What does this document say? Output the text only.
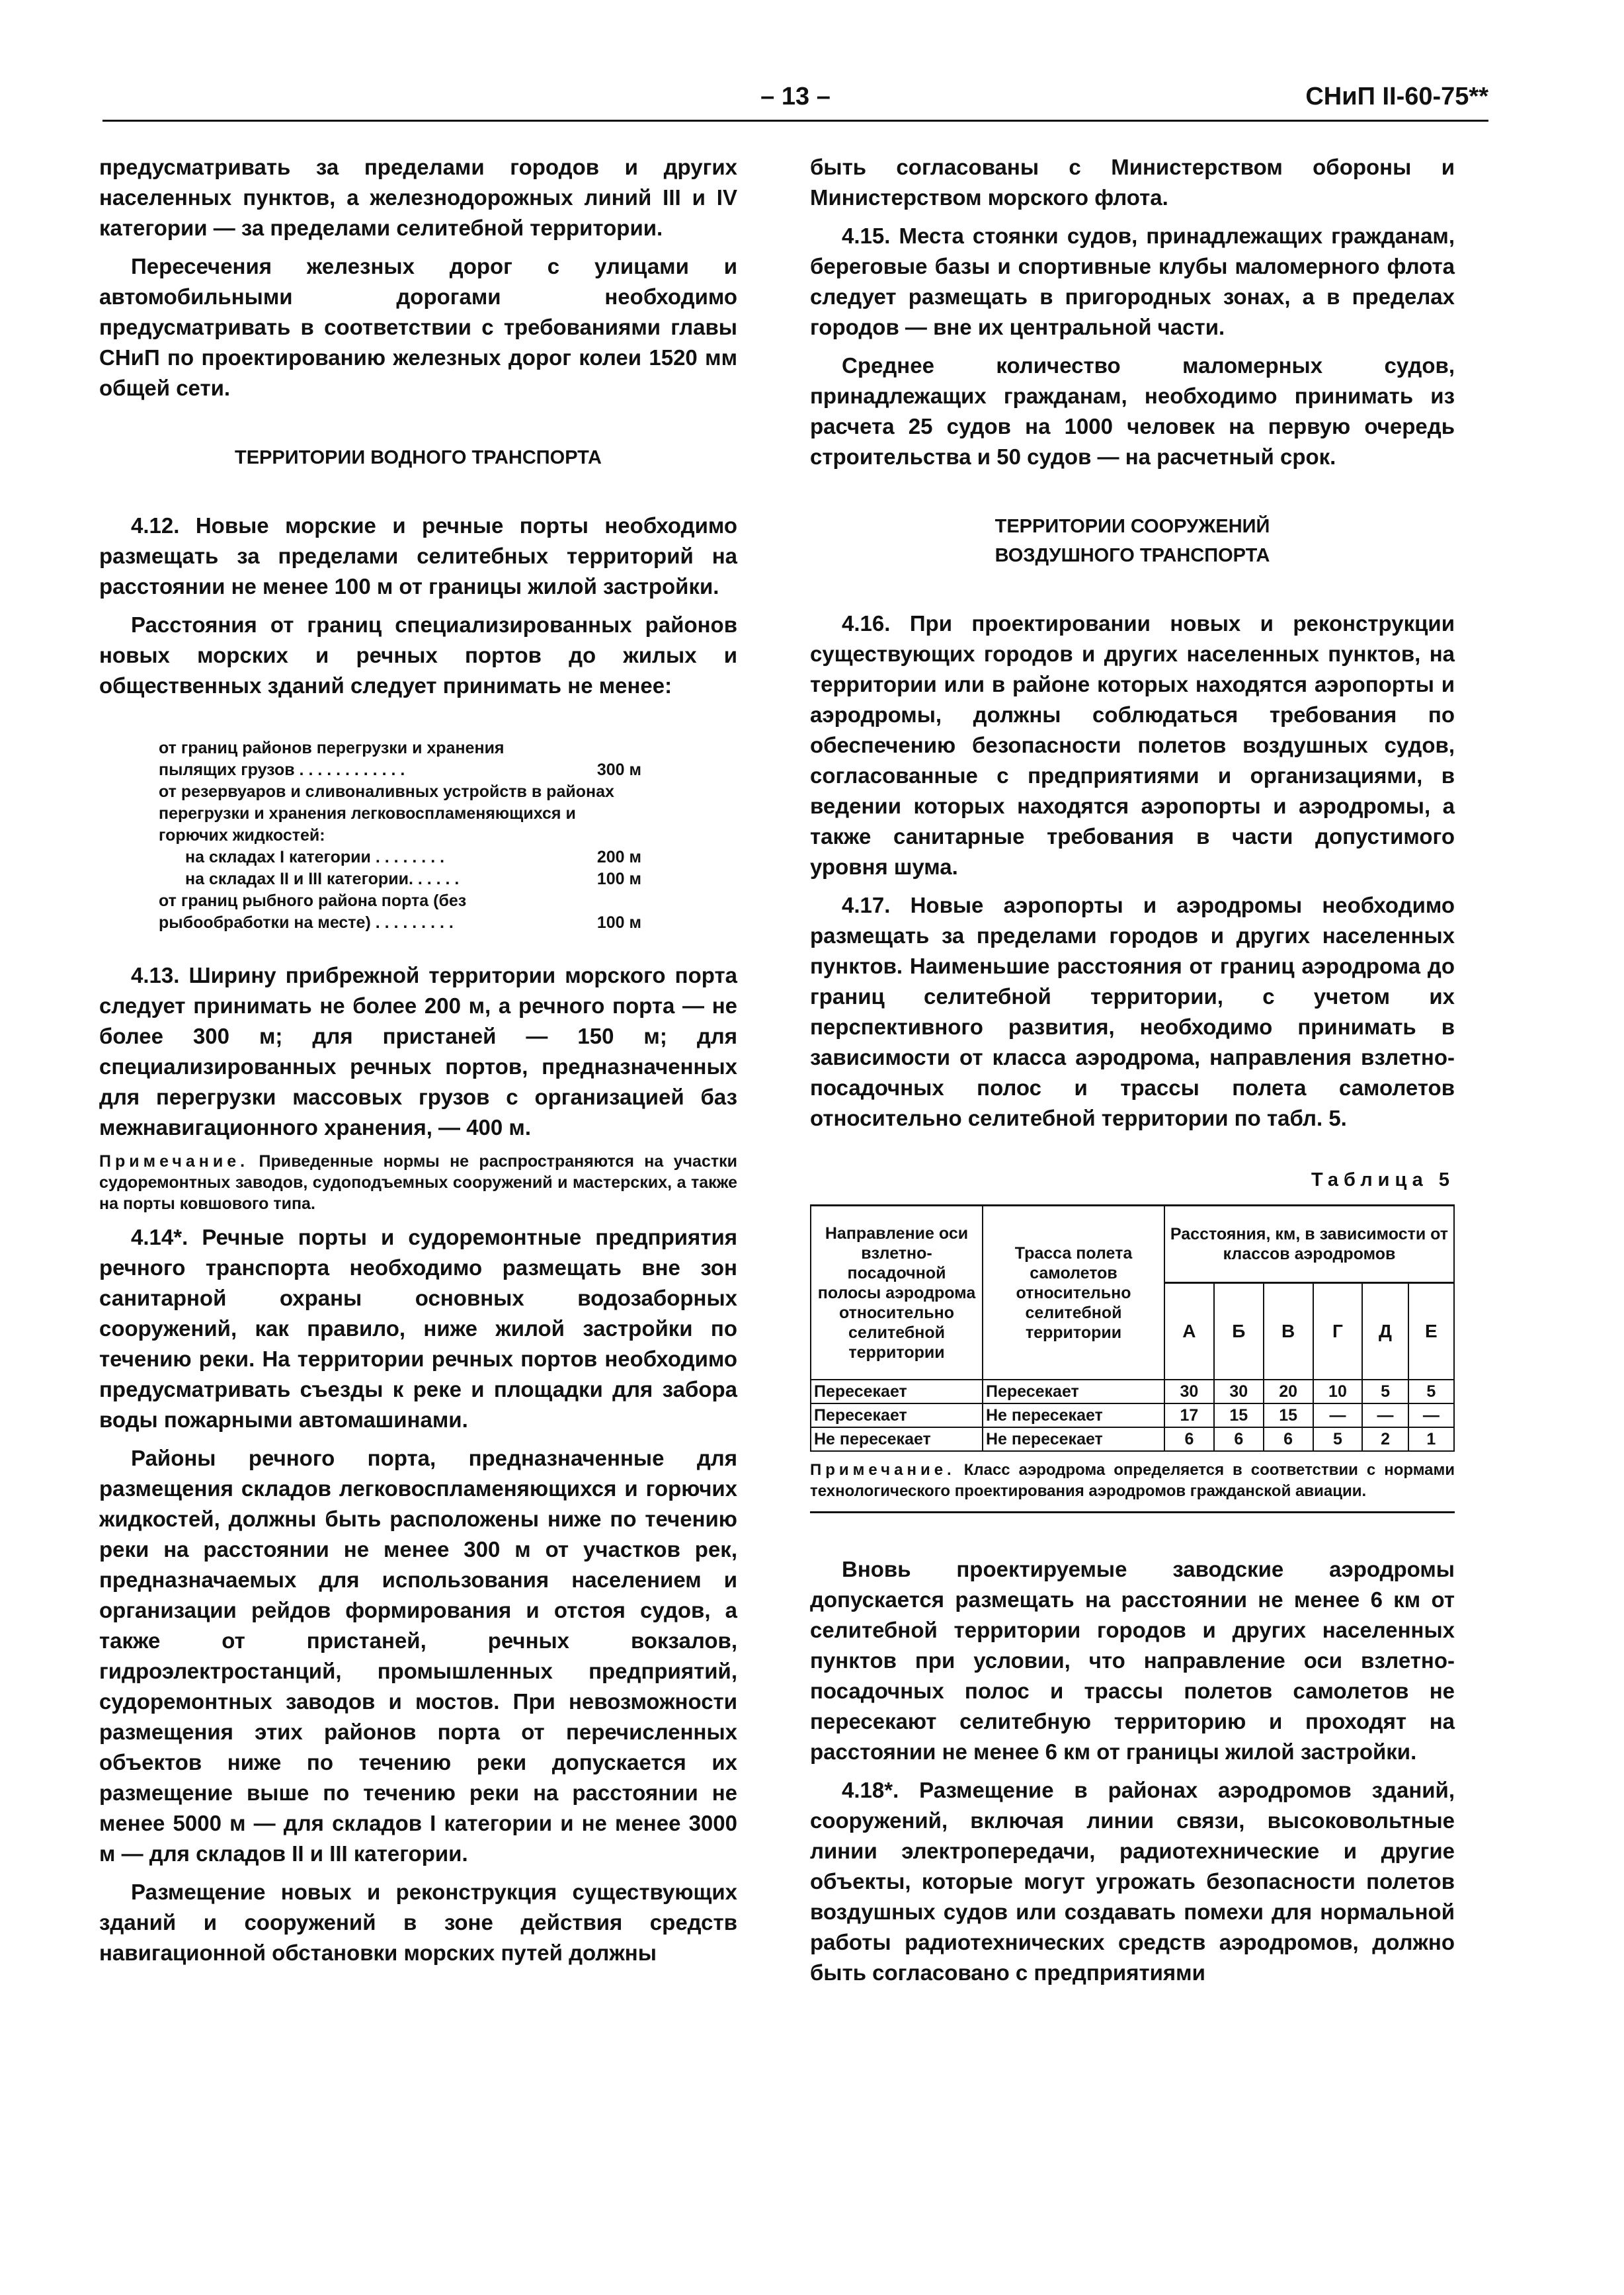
– 13 –	СНиП II-60-75**

предусматривать за пределами городов и других населенных пунктов, а железнодорожных линий III и IV категории — за пределами селитебной территории.

Пересечения железных дорог с улицами и автомобильными дорогами необходимо предусматривать в соответствии с требованиями главы СНиП по проектированию железных дорог колеи 1520 мм общей сети.

ТЕРРИТОРИИ ВОДНОГО ТРАНСПОРТА

4.12. Новые морские и речные порты необходимо размещать за пределами селитебных территорий на расстоянии не менее 100 м от границы жилой застройки.

Расстояния от границ специализированных районов новых морских и речных портов до жилых и общественных зданий следует принимать не менее:

от границ районов перегрузки и хранения пылящих грузов . . . . . . . . . . . .	300 м
от резервуаров и сливоналивных устройств в районах перегрузки и хранения легковоспламеняющихся и горючих жидкостей:
на складах I категории . . . . . . . .	200 м
на складах II и III категории. . . . . .	100 м
от границ рыбного района порта (без рыбообработки на месте) . . . . . . . . .	100 м

4.13. Ширину прибрежной территории морского порта следует принимать не более 200 м, а речного порта — не более 300 м; для пристаней — 150 м; для специализированных речных портов, предназначенных для перегрузки массовых грузов с организацией баз межнавигационного хранения, — 400 м.

Примечание. Приведенные нормы не распространяются на участки судоремонтных заводов, судоподъемных сооружений и мастерских, а также на порты ковшового типа.

4.14*. Речные порты и судоремонтные предприятия речного транспорта необходимо размещать вне зон санитарной охраны основных водозаборных сооружений, как правило, ниже жилой застройки по течению реки. На территории речных портов необходимо предусматривать съезды к реке и площадки для забора воды пожарными автомашинами.

Районы речного порта, предназначенные для размещения складов легковоспламеняющихся и горючих жидкостей, должны быть расположены ниже по течению реки на расстоянии не менее 300 м от участков рек, предназначаемых для использования населением и организации рейдов формирования и отстоя судов, а также от пристаней, речных вокзалов, гидроэлектростанций, промышленных предприятий, судоремонтных заводов и мостов. При невозможности размещения этих районов порта от перечисленных объектов ниже по течению реки допускается их размещение выше по течению реки на расстоянии не менее 5000 м — для складов I категории и не менее 3000 м — для складов II и III категории.

Размещение новых и реконструкция существующих зданий и сооружений в зоне действия средств навигационной обстановки морских путей должны

быть согласованы с Министерством обороны и Министерством морского флота.

4.15. Места стоянки судов, принадлежащих гражданам, береговые базы и спортивные клубы маломерного флота следует размещать в пригородных зонах, а в пределах городов — вне их центральной части.

Среднее количество маломерных судов, принадлежащих гражданам, необходимо принимать из расчета 25 судов на 1000 человек на первую очередь строительства и 50 судов — на расчетный срок.

ТЕРРИТОРИИ СООРУЖЕНИЙ
ВОЗДУШНОГО ТРАНСПОРТА

4.16. При проектировании новых и реконструкции существующих городов и других населенных пунктов, на территории или в районе которых находятся аэропорты и аэродромы, должны соблюдаться требования по обеспечению безопасности полетов воздушных судов, согласованные с предприятиями и организациями, в ведении которых находятся аэропорты и аэродромы, а также санитарные требования в части допустимого уровня шума.

4.17. Новые аэропорты и аэродромы необходимо размещать за пределами городов и других населенных пунктов. Наименьшие расстояния от границ аэродрома до границ селитебной территории, с учетом их перспективного развития, необходимо принимать в зависимости от класса аэродрома, направления взлетно-посадочных полос и трассы полета самолетов относительно селитебной территории по табл. 5.

Таблица 5
Направление оси взлетно-посадочной полосы аэродрома относительно селитебной территории	Трасса полета самолетов относительно селитебной территории	Расстояния, км, в зависимости от классов аэродромов					
		А	Б	В	Г	Д	Е
Пересекает	Пересекает	30	30	20	10	5	5
Пересекает	Не пересекает	17	15	15	—	—	—
Не пересекает	Не пересекает	6	6	6	5	2	1
Примечание. Класс аэродрома определяется в соответствии с нормами технологического проектирования аэродромов гражданской авиации.

Вновь проектируемые заводские аэродромы допускается размещать на расстоянии не менее 6 км от селитебной территории городов и других населенных пунктов при условии, что направление оси взлетно-посадочных полос и трассы полетов самолетов не пересекают селитебную территорию и проходят на расстоянии не менее 6 км от границы жилой застройки.

4.18*. Размещение в районах аэродромов зданий, сооружений, включая линии связи, высоковольтные линии электропередачи, радиотехнические и другие объекты, которые могут угрожать безопасности полетов воздушных судов или создавать помехи для нормальной работы радиотехнических средств аэродромов, должно быть согласовано с предприятиями
